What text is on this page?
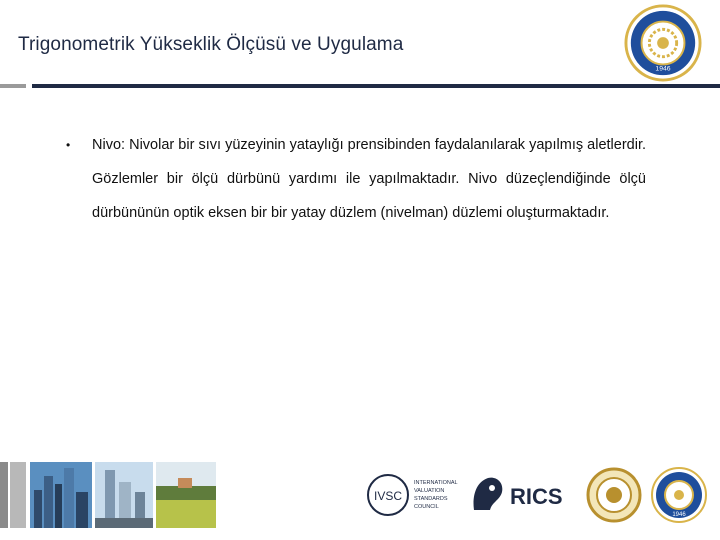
Trigonometrik Yükseklik Ölçüsü ve Uygulama
1946
•	Nivo: Nivolar bir sıvı yüzeyinin yataylığı prensibinden faydalanılarak yapılmış aletlerdir. Gözlemler bir ölçü dürbünü yardımı ile yapılmaktadır. Nivo düzeçlendiğinde ölçü dürbününün optik eksen bir bir yatay düzlem (nivelman) düzlemi oluşturmaktadır.
IVSC
INTERNATIONAL
VALUATION
STANDARDS
COUNCIL	RICS
1946
